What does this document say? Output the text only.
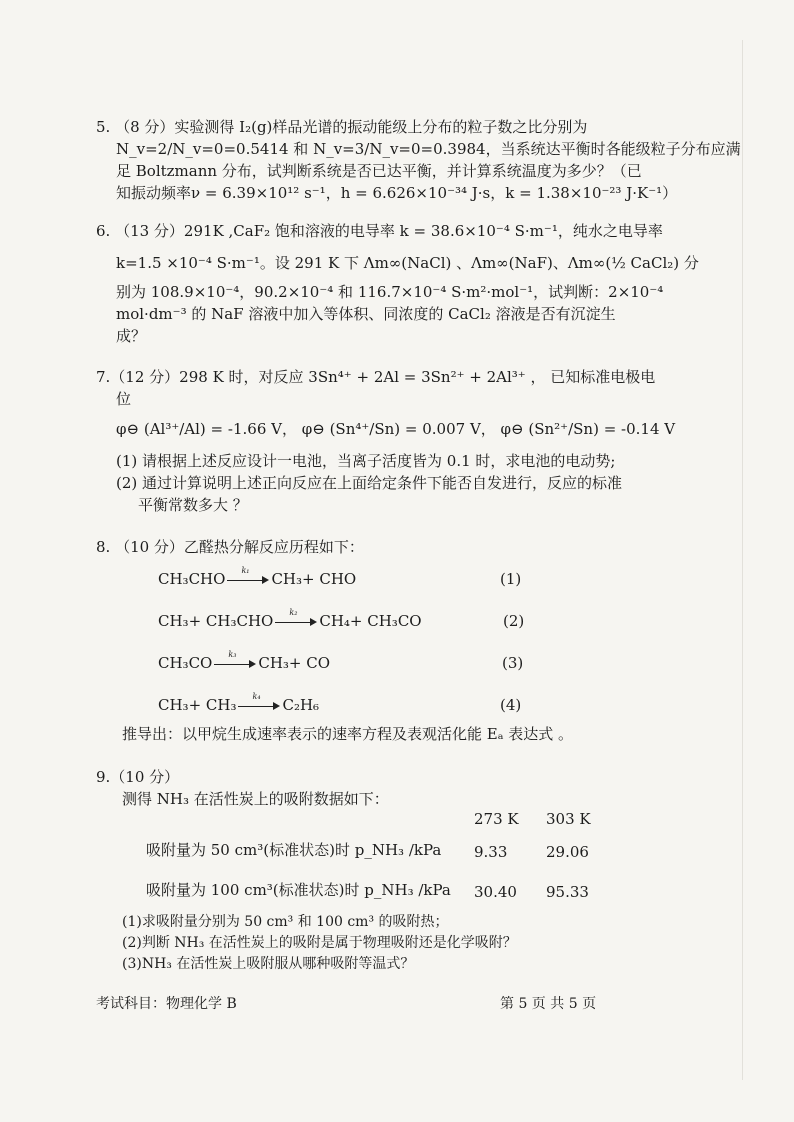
5. （8 分）实验测得 I₂(g)样品光谱的振动能级上分布的粒子数之比分别为
N_v=2/N_v=0=0.5414 和 N_v=3/N_v=0=0.3984，当系统达平衡时各能级粒子分布应满
足 Boltzmann 分布，试判断系统是否已达平衡，并计算系统温度为多少？（已
知振动频率ν = 6.39×10¹² s⁻¹，h = 6.626×10⁻³⁴ J·s，k = 1.38×10⁻²³ J·K⁻¹）
6. （13 分）291K ,CaF₂ 饱和溶液的电导率 k = 38.6×10⁻⁴ S·m⁻¹，纯水之电导率
k=1.5 ×10⁻⁴ S·m⁻¹。设 291 K 下 Λm∞(NaCl) 、Λm∞(NaF)、Λm∞(½ CaCl₂) 分
别为 108.9×10⁻⁴，90.2×10⁻⁴ 和 116.7×10⁻⁴ S·m²·mol⁻¹，试判断：2×10⁻⁴
mol·dm⁻³ 的 NaF 溶液中加入等体积、同浓度的 CaCl₂ 溶液是否有沉淀生
成？
7.（12 分）298 K 时，对反应 3Sn⁴⁺ + 2Al = 3Sn²⁺ + 2Al³⁺ ， 已知标准电极电
位
φ⊖ (Al³⁺/Al) = -1.66 V， φ⊖ (Sn⁴⁺/Sn) = 0.007 V， φ⊖ (Sn²⁺/Sn) = -0.14 V
(1) 请根据上述反应设计一电池，当离子活度皆为 0.1 时，求电池的电动势;
(2) 通过计算说明上述正向反应在上面给定条件下能否自发进行，反应的标准
平衡常数多大 ？
8. （10 分）乙醛热分解反应历程如下：
CH₃CHO k₁ CH₃+ CHO	(1)
CH₃+ CH₃CHO k₂ CH₄+ CH₃CO	(2)
CH₃CO k₃ CH₃+ CO	(3)
CH₃+ CH₃ k₄ C₂H₆	(4)
推导出：以甲烷生成速率表示的速率方程及表观活化能 Eₐ 表达式 。
9.（10 分）
测得 NH₃ 在活性炭上的吸附数据如下：
273 K 303 K
吸附量为 50 cm³(标准状态)时 p_NH₃ /kPa 9.33	29.06
吸附量为 100 cm³(标准状态)时 p_NH₃ /kPa 30.40 95.33
(1)求吸附量分别为 50 cm³ 和 100 cm³ 的吸附热；
(2)判断 NH₃ 在活性炭上的吸附是属于物理吸附还是化学吸附？
(3)NH₃ 在活性炭上吸附服从哪种吸附等温式？
考试科目：物理化学 B	第 5 页 共 5 页
